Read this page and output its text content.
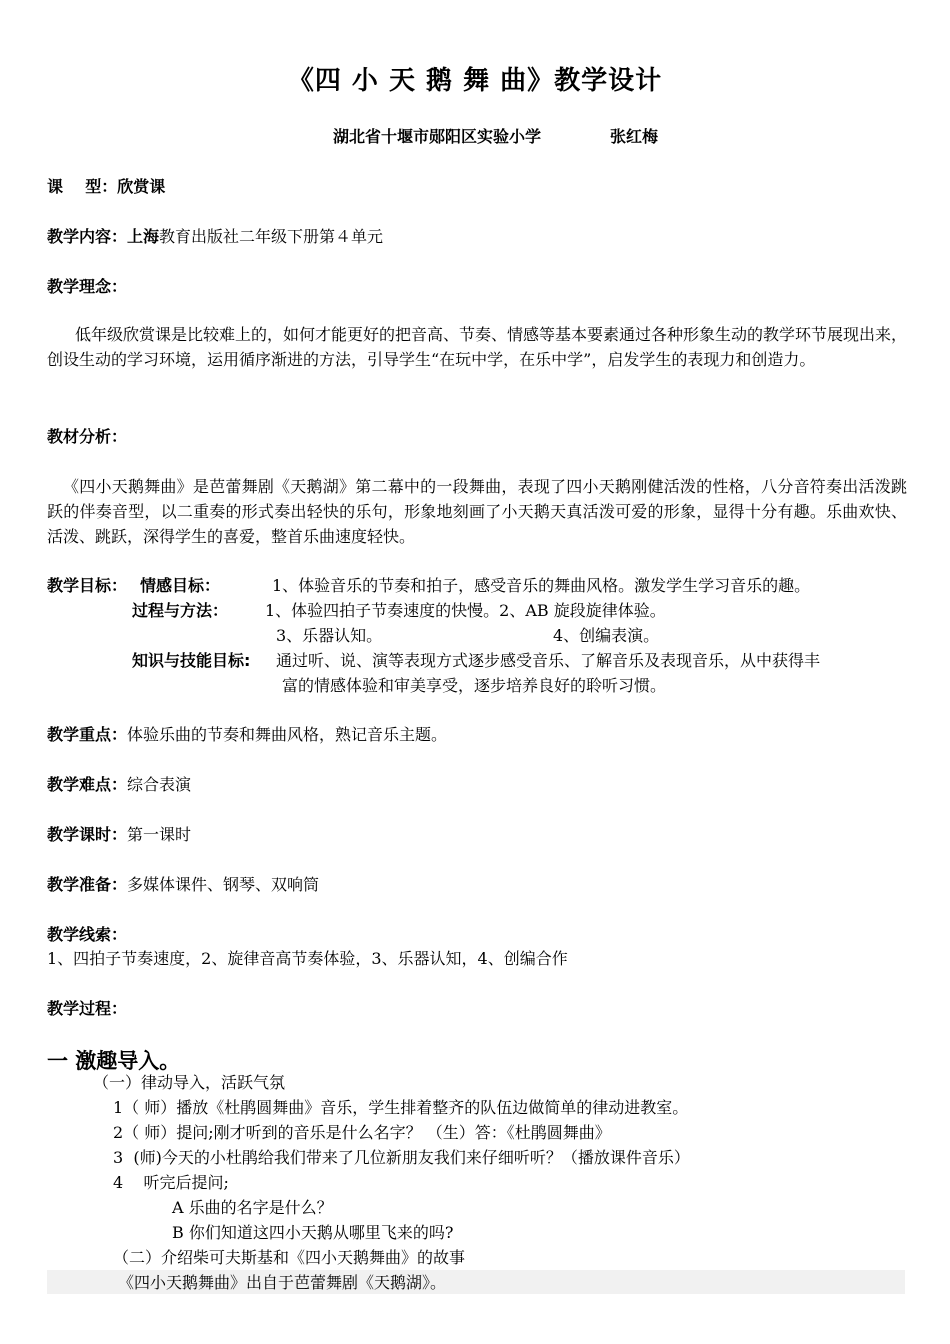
《四 小 天 鹅 舞 曲》教学设计
湖北省十堰市郧阳区实验小学	张红梅
课    型：欣赏课
教学内容：上海教育出版社二年级下册第４单元
教学理念：
低年级欣赏课是比较难上的，如何才能更好的把音高、节奏、情感等基本要素通过各种形象生动的教学环节展现出来，创设生动的学习环境，运用循序渐进的方法，引导学生“在玩中学，在乐中学”，启发学生的表现力和创造力。
教材分析：
《四小天鹅舞曲》是芭蕾舞剧《天鹅湖》第二幕中的一段舞曲，表现了四小天鹅刚健活泼的性格，八分音符奏出活泼跳跃的伴奏音型，以二重奏的形式奏出轻快的乐句，形象地刻画了小天鹅天真活泼可爱的形象，显得十分有趣。乐曲欢快、活泼、跳跃，深得学生的喜爱，整首乐曲速度轻快。
教学目标： 情感目标：	1、体验音乐的节奏和拍子，感受音乐的舞曲风格。激发学生学习音乐的趣。
过程与方法： 1、体验四拍子节奏速度的快慢。2、AB 旋段旋律体验。
3、乐器认知。	4、创编表演。
知识与技能目标: 通过听、说、演等表现方式逐步感受音乐、了解音乐及表现音乐，从中获得丰
富的情感体验和审美享受，逐步培养良好的聆听习惯。
教学重点：体验乐曲的节奏和舞曲风格，熟记音乐主题。
教学难点：综合表演
教学课时：第一课时
教学准备：多媒体课件、钢琴、双响筒
教学线索：
1、四拍子节奏速度，2、旋律音高节奏体验，3、乐器认知，4、创编合作
教学过程：
一 激趣导入。
（一）律动导入，活跃气氛
1（ 师）播放《杜鹃圆舞曲》音乐，学生排着整齐的队伍边做简单的律动进教室。
2（ 师）提问;刚才听到的音乐是什么名字？ （生）答：《杜鹃圆舞曲》
3  (师)今天的小杜鹃给我们带来了几位新朋友我们来仔细听听？（播放课件音乐）
4    听完后提问;
A 乐曲的名字是什么？
B 你们知道这四小天鹅从哪里飞来的吗?
（二）介绍柴可夫斯基和《四小天鹅舞曲》的故事
《四小天鹅舞曲》出自于芭蕾舞剧《天鹅湖》。
